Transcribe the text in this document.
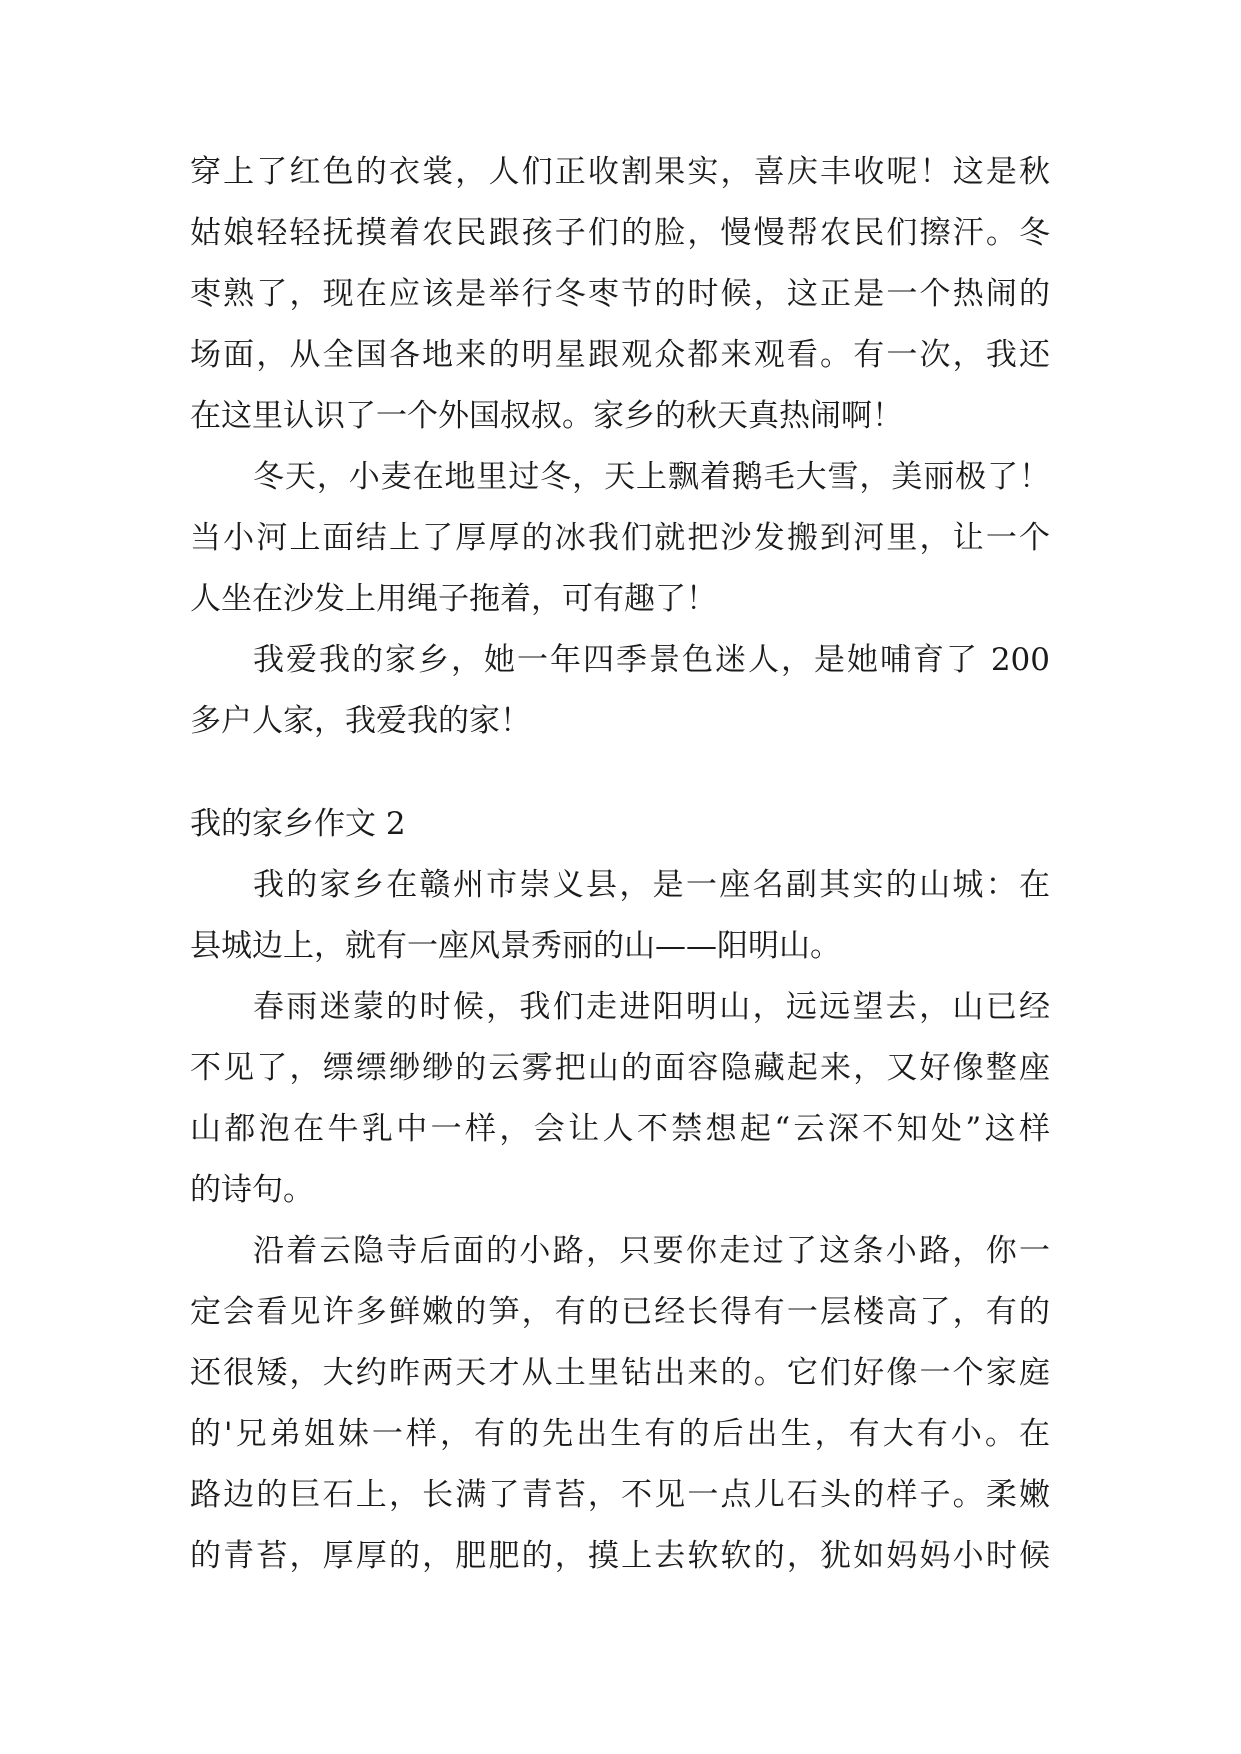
穿上了红色的衣裳，人们正收割果实，喜庆丰收呢！这是秋
姑娘轻轻抚摸着农民跟孩子们的脸，慢慢帮农民们擦汗。冬
枣熟了，现在应该是举行冬枣节的时候，这正是一个热闹的
场面，从全国各地来的明星跟观众都来观看。有一次，我还
在这里认识了一个外国叔叔。家乡的秋天真热闹啊！
冬天，小麦在地里过冬，天上飘着鹅毛大雪，美丽极了！
当小河上面结上了厚厚的冰我们就把沙发搬到河里，让一个
人坐在沙发上用绳子拖着，可有趣了！
我爱我的家乡，她一年四季景色迷人，是她哺育了 200
多户人家，我爱我的家！
我的家乡作文 2
我的家乡在赣州市崇义县，是一座名副其实的山城：在
县城边上，就有一座风景秀丽的山——阳明山。
春雨迷蒙的时候，我们走进阳明山，远远望去，山已经
不见了，缥缥缈缈的云雾把山的面容隐藏起来，又好像整座
山都泡在牛乳中一样，会让人不禁想起“云深不知处”这样
的诗句。
沿着云隐寺后面的小路，只要你走过了这条小路，你一
定会看见许多鲜嫩的笋，有的已经长得有一层楼高了，有的
还很矮，大约昨两天才从土里钻出来的。它们好像一个家庭
的'兄弟姐妹一样，有的先出生有的后出生，有大有小。在
路边的巨石上，长满了青苔，不见一点儿石头的样子。柔嫩
的青苔，厚厚的，肥肥的，摸上去软软的，犹如妈妈小时候
